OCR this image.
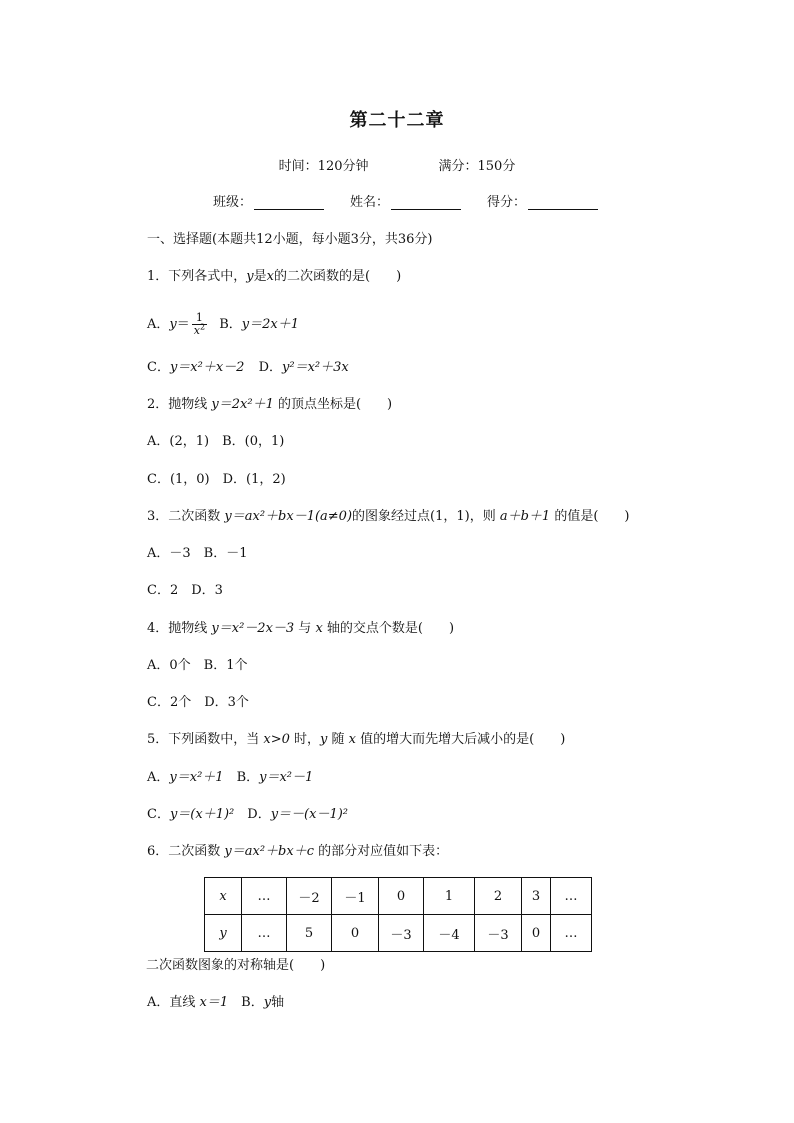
第二十二章
时间：120分钟	满分：150分
班级：	姓名：	得分：
一、选择题(本题共12小题，每小题3分，共36分)
1．下列各式中，y是x的二次函数的是(　　)
A．$y= \frac{1}{x^2}$ B．y＝2x＋1
C．y＝x²＋x－2 D．y²＝x²＋3x
2．抛物线 y＝2x²＋1 的顶点坐标是(　　)
A．(2，1)　B．(0，1)
C．(1，0)　D．(1，2)
3．二次函数 y＝ax²＋bx－1(a≠0)的图象经过点(1，1)，则 a＋b＋1 的值是(　　)
A．－3　B．－1
C．2　D．3
4．抛物线 y＝x²－2x－3 与 x 轴的交点个数是(　　)
A．0个　B．1个
C．2个　D．3个
5．下列函数中，当 x>0 时，y 随 x 值的增大而先增大后减小的是(　　)
A．y＝x²＋1　B．y＝x²－1
C．y＝(x＋1)²　D．y＝－(x－1)²
6．二次函数 y＝ax²＋bx＋c 的部分对应值如下表：
x	…	－2	－1	0	1	2	3	…
y	…	5	0	－3	－4	－3	0	…
二次函数图象的对称轴是(　　)
A．直线 x＝1　B．y轴
